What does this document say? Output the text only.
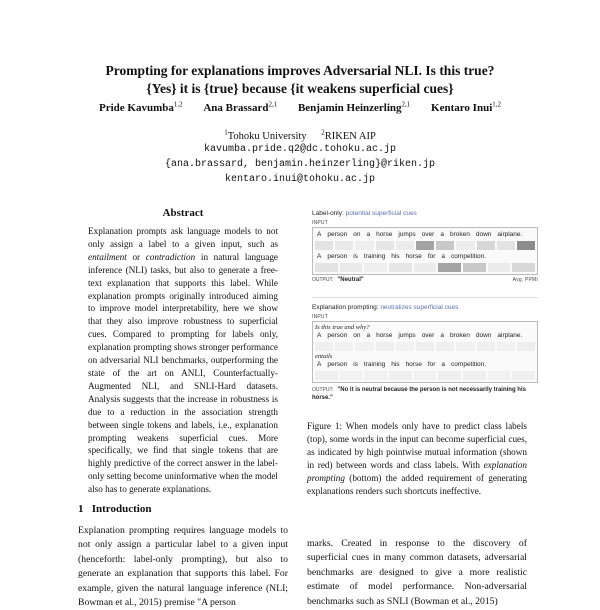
Prompting for explanations improves Adversarial NLI. Is this true?
{Yes} it is {true} because {it weakens superficial cues}
Pride Kavumba$^{1,2}$ Ana Brassard$^{2,1}$ Benjamin Heinzerling$^{2,1}$ Kentaro Inui$^{1,2}$
$^1$Tohoku University $^2$RIKEN AIP
kavumba.pride.q2@dc.tohoku.ac.jp
{ana.brassard, benjamin.heinzerling}@riken.jp
kentaro.inui@tohoku.ac.jp
Abstract
Explanation prompts ask language models to not only assign a label to a given input, such as entailment or contradiction in natural language inference (NLI) tasks, but also to generate a free-text explanation that supports this label. While explanation prompts originally introduced aiming to improve model interpretability, here we show that they also improve robustness to superficial cues. Compared to prompting for labels only, explanation prompting shows stronger performance on adversarial NLI benchmarks, outperforming the state of the art on ANLI, Counterfactually-Augmented NLI, and SNLI-Hard datasets. Analysis suggests that the increase in robustness is due to a reduction in the association strength between single tokens and labels, i.e., explanation prompting weakens superficial cues. More specifically, we find that single tokens that are highly predictive of the correct answer in the label-only setting become uninformative when the model also has to generate explanations.
Label-only: potential superficial cues
INPUT
A person on a horse jumps over a broken down airplane.
A person is training his horse for a competition.
OUTPUT: "Neutral"	Avg. PPMI
Explanation prompting: neutralizes superficial cues
INPUT
Is this true and why?
A person on a horse jumps over a broken down airplane.
entails
A person is training his horse for a competition.
OUTPUT: "No it is neutral because the person is not necessarily training his horse."
Figure 1: When models only have to predict class labels (top), some words in the input can become superficial cues, as indicated by high pointwise mutual information (shown in red) between words and class labels. With explanation prompting (bottom) the added requirement of generating explanations renders such shortcuts ineffective.
1 Introduction
Explanation prompting requires language models to not only assign a particular label to a given input (henceforth: label-only prompting), but also to generate an explanation that supports this label. For example, given the natural language inference (NLI; Bowman et al., 2015) premise "A person
marks. Created in response to the discovery of superficial cues in many common datasets, adversarial benchmarks are designed to give a more realistic estimate of model performance. Non-adversarial benchmarks such as SNLI (Bowman et al., 2015)
